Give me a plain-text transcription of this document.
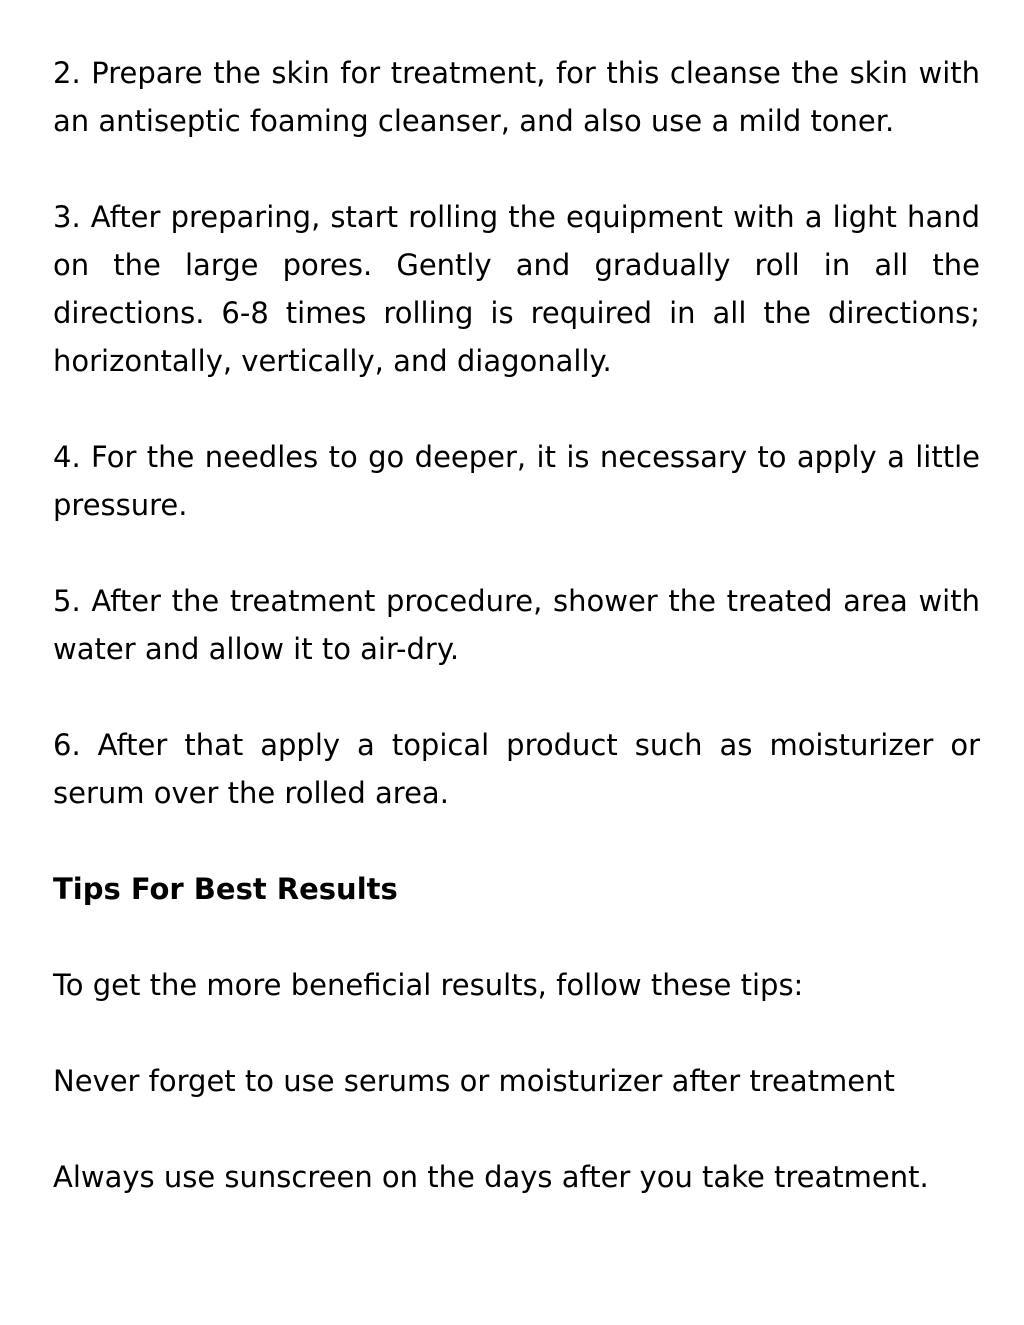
2. Prepare the skin for treatment, for this cleanse the skin with an antiseptic foaming cleanser, and also use a mild toner.

3. After preparing, start rolling the equipment with a light hand on the large pores. Gently and gradually roll in all the directions. 6-8 times rolling is required in all the directions; horizontally, vertically, and diagonally.

4. For the needles to go deeper, it is necessary to apply a little pressure.

5. After the treatment procedure, shower the treated area with water and allow it to air-dry.

6. After that apply a topical product such as moisturizer or serum over the rolled area.

Tips For Best Results

To get the more beneficial results, follow these tips:

Never forget to use serums or moisturizer after treatment

Always use sunscreen on the days after you take treatment.
